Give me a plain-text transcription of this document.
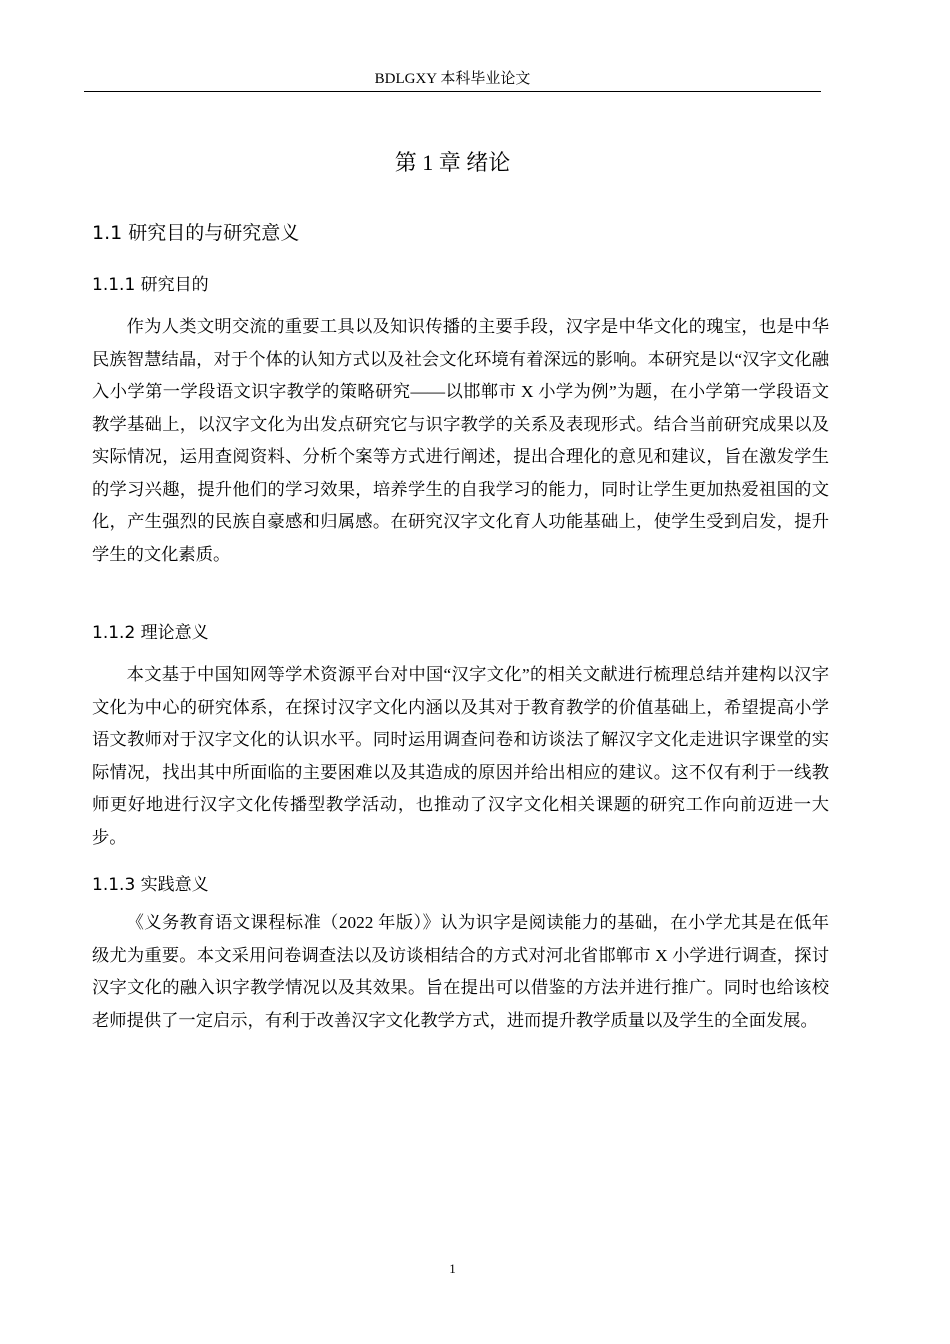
BDLGXY 本科毕业论文
第 1 章 绪论
1.1 研究目的与研究意义
1.1.1 研究目的

作为人类文明交流的重要工具以及知识传播的主要手段，汉字是中华文化的瑰宝，也是中华民族智慧结晶，对于个体的认知方式以及社会文化环境有着深远的影响。本研究是以“汉字文化融入小学第一学段语文识字教学的策略研究——以邯郸市 X 小学为例”为题，在小学第一学段语文教学基础上，以汉字文化为出发点研究它与识字教学的关系及表现形式。结合当前研究成果以及实际情况，运用查阅资料、分析个案等方式进行阐述，提出合理化的意见和建议，旨在激发学生的学习兴趣，提升他们的学习效果，培养学生的自我学习的能力，同时让学生更加热爱祖国的文化，产生强烈的民族自豪感和归属感。在研究汉字文化育人功能基础上，使学生受到启发，提升学生的文化素质。

1.1.2 理论意义

本文基于中国知网等学术资源平台对中国“汉字文化”的相关文献进行梳理总结并建构以汉字文化为中心的研究体系，在探讨汉字文化内涵以及其对于教育教学的价值基础上，希望提高小学语文教师对于汉字文化的认识水平。同时运用调查问卷和访谈法了解汉字文化走进识字课堂的实际情况，找出其中所面临的主要困难以及其造成的原因并给出相应的建议。这不仅有利于一线教师更好地进行汉字文化传播型教学活动，也推动了汉字文化相关课题的研究工作向前迈进一大步。

1.1.3 实践意义

《义务教育语文课程标准（2022 年版）》认为识字是阅读能力的基础，在小学尤其是在低年级尤为重要。本文采用问卷调查法以及访谈相结合的方式对河北省邯郸市 X 小学进行调查，探讨汉字文化的融入识字教学情况以及其效果。旨在提出可以借鉴的方法并进行推广。同时也给该校老师提供了一定启示，有利于改善汉字文化教学方式，进而提升教学质量以及学生的全面发展。

1
